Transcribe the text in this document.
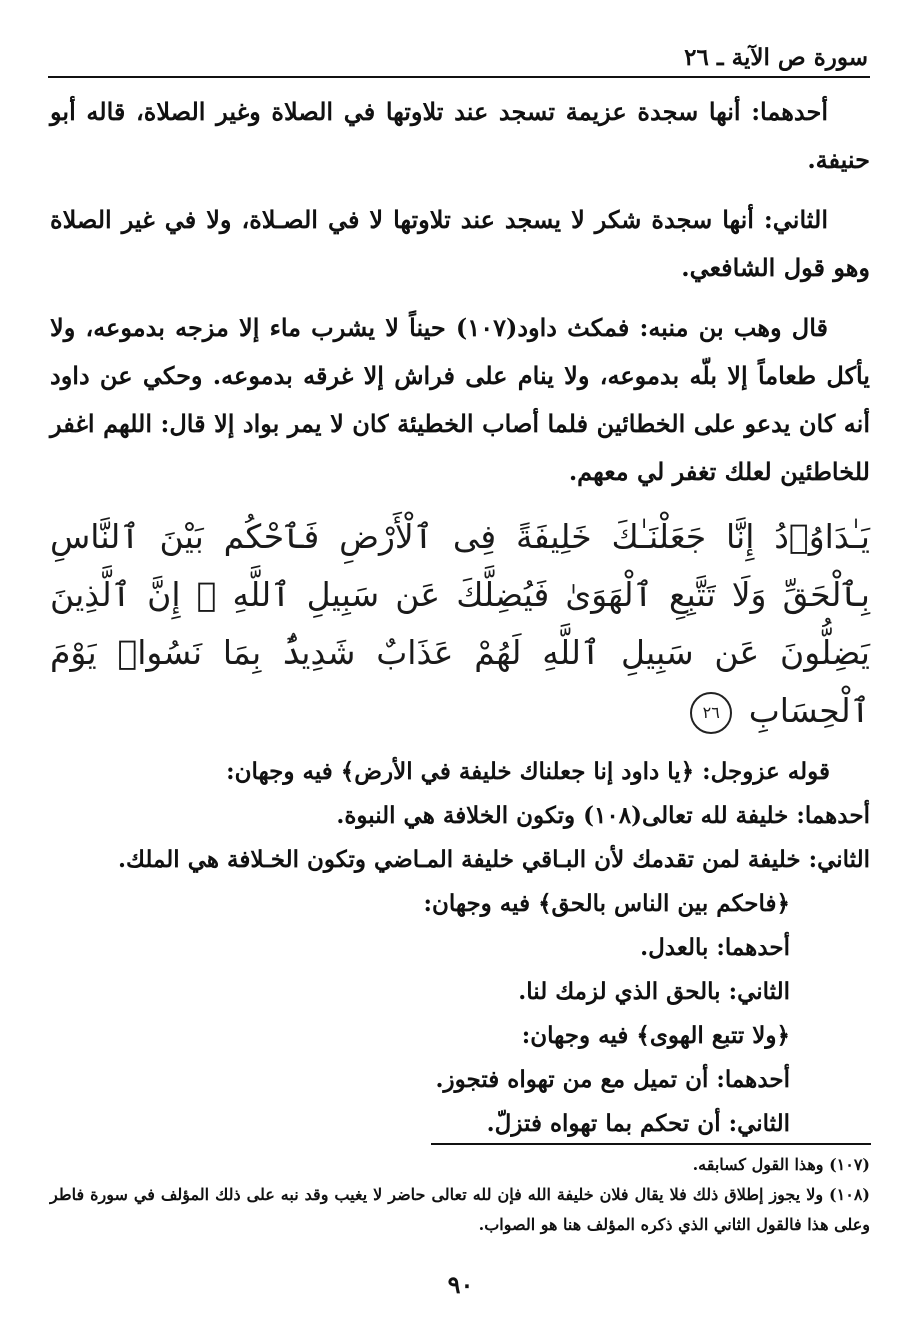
سورة ص الآية ـ ٢٦

أحدهما: أنها سجدة عزيمة تسجد عند تلاوتها في الصلاة وغير الصلاة، قاله أبو حنيفة.

الثاني: أنها سجدة شكر لا يسجد عند تلاوتها لا في الصـلاة، ولا في غير الصلاة وهو قول الشافعي.

قال وهب بن منبه: فمكث داود(١٠٧) حيناً لا يشرب ماء إلا مزجه بدموعه، ولا يأكل طعاماً إلا بلّه بدموعه، ولا ينام على فراش إلا غرقه بدموعه. وحكي عن داود أنه كان يدعو على الخطائين فلما أصاب الخطيئة كان لا يمر بواد إلا قال: اللهم اغفر للخاطئين لعلك تغفر لي معهم.

يَـٰدَاوُۥدُ إِنَّا جَعَلْنَـٰكَ خَلِيفَةً فِى ٱلْأَرْضِ فَٱحْكُم بَيْنَ ٱلنَّاسِ بِٱلْحَقِّ وَلَا تَتَّبِعِ ٱلْهَوَىٰ فَيُضِلَّكَ عَن سَبِيلِ ٱللَّهِ ۚ إِنَّ ٱلَّذِينَ يَضِلُّونَ عَن سَبِيلِ ٱللَّهِ لَهُمْ عَذَابٌ شَدِيدٌۢ بِمَا نَسُوا۟ يَوْمَ ٱلْحِسَابِ ٢٦

قوله عزوجل: ﴿يا داود إنا جعلناك خليفة في الأرض﴾ فيه وجهان:

أحدهما: خليفة لله تعالى(١٠٨) وتكون الخلافة هي النبوة.

الثاني: خليفة لمن تقدمك لأن البـاقي خليفة المـاضي وتكون الخـلافة هي الملك.

﴿فاحكم بين الناس بالحق﴾ فيه وجهان:

أحدهما: بالعدل.

الثاني: بالحق الذي لزمك لنا.

﴿ولا تتبع الهوى﴾ فيه وجهان:

أحدهما: أن تميل مع من تهواه فتجوز.

الثاني: أن تحكم بما تهواه فتزلّ.

(١٠٧) وهذا القول كسابقه.

(١٠٨) ولا يجوز إطلاق ذلك فلا يقال فلان خليفة الله فإن لله تعالى حاضر لا يغيب وقد نبه على ذلك المؤلف في سورة فاطر وعلى هذا فالقول الثاني الذي ذكره المؤلف هنا هو الصواب.

٩٠
